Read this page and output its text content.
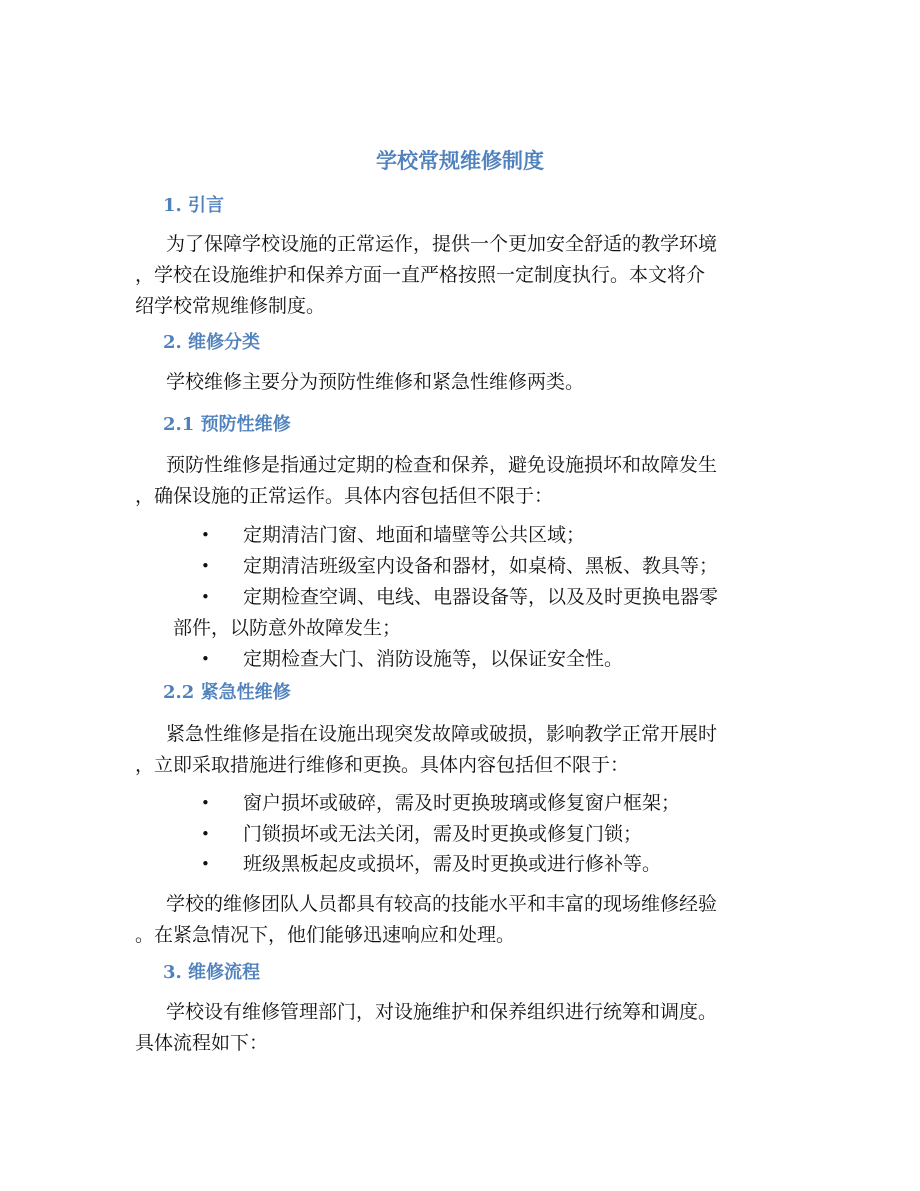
学校常规维修制度
1. 引言
为了保障学校设施的正常运作，提供一个更加安全舒适的教学环境
，学校在设施维护和保养方面一直严格按照一定制度执行。本文将介
绍学校常规维修制度。
2. 维修分类
学校维修主要分为预防性维修和紧急性维修两类。
2.1 预防性维修
预防性维修是指通过定期的检查和保养，避免设施损坏和故障发生
，确保设施的正常运作。具体内容包括但不限于：
• 定期清洁门窗、地面和墙壁等公共区域；
• 定期清洁班级室内设备和器材，如桌椅、黑板、教具等；
• 定期检查空调、电线、电器设备等，以及及时更换电器零
部件，以防意外故障发生；
• 定期检查大门、消防设施等，以保证安全性。
2.2 紧急性维修
紧急性维修是指在设施出现突发故障或破损，影响教学正常开展时
，立即采取措施进行维修和更换。具体内容包括但不限于：
• 窗户损坏或破碎，需及时更换玻璃或修复窗户框架；
• 门锁损坏或无法关闭，需及时更换或修复门锁；
• 班级黑板起皮或损坏，需及时更换或进行修补等。
学校的维修团队人员都具有较高的技能水平和丰富的现场维修经验
。在紧急情况下，他们能够迅速响应和处理。
3. 维修流程
学校设有维修管理部门，对设施维护和保养组织进行统筹和调度。
具体流程如下：
